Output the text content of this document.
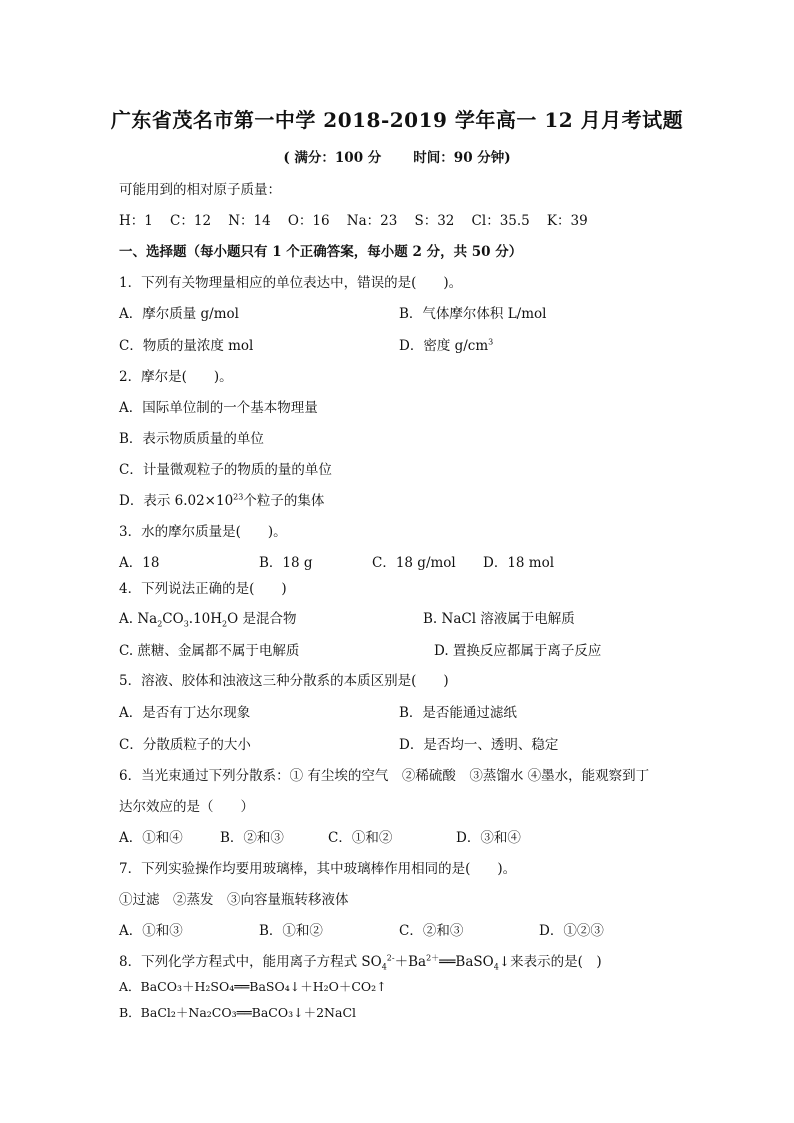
广东省茂名市第一中学 2018-2019 学年高一 12 月月考试题
( 满分：100 分 时间：90 分钟)
可能用到的相对原子质量：
H：1    C：12    N：14    O：16    Na：23    S：32    Cl：35.5    K：39
一、选择题（每小题只有 1 个正确答案，每小题 2 分，共 50 分）
1．下列有关物理量相应的单位表达中，错误的是(　　)。
A．摩尔质量 g/mol	B．气体摩尔体积 L/mol
C．物质的量浓度 mol	D．密度 $g/cm^3$
2．摩尔是(　　)。
A．国际单位制的一个基本物理量
B．表示物质质量的单位
C．计量微观粒子的物质的量的单位
D．表示 $6.02\times 10^{23}$个粒子的集体
3．水的摩尔质量是(　　)。
A．18	B．18 g	C．18 g/mol D．18 mol
4．下列说法正确的是(　　)
A. $Na_2CO_3.10H_2O$ 是混合物	B. NaCl 溶液属于电解质
C. 蔗糖、金属都不属于电解质	D. 置换反应都属于离子反应
5．溶液、胶体和浊液这三种分散系的本质区别是(　　)
A．是否有丁达尔现象	B．是否能通过滤纸
C．分散质粒子的大小	D．是否均一、透明、稳定
6．当光束通过下列分散系：① 有尘埃的空气　②稀硫酸　③蒸馏水 ④墨水，能观察到丁
达尔效应的是（　　）
A．①和④	B．②和③	C．①和②	D．③和④
7．下列实验操作均要用玻璃棒，其中玻璃棒作用相同的是(　　)。
①过滤　②蒸发　③向容量瓶转移液体
A．①和③	B．①和②	C．②和③	D．①②③
8．下列化学方程式中，能用离子方程式 $SO_4^{2-}+Ba^{2+}══BaSO_4↓$来表示的是(　)
A．BaCO₃＋H₂SO₄══BaSO₄↓＋H₂O＋CO₂↑
B．BaCl₂＋Na₂CO₃══BaCO₃↓＋2NaCl
